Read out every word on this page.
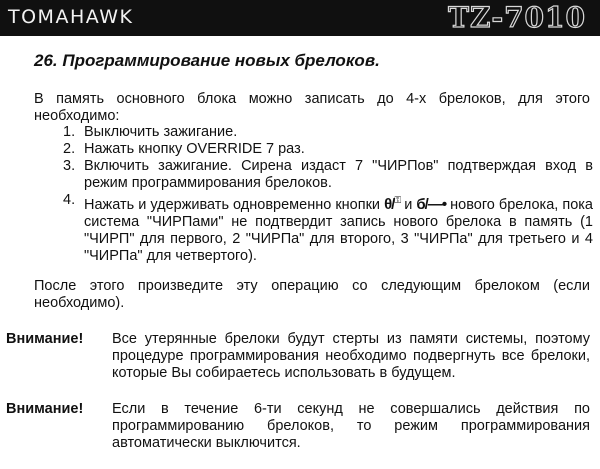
TOMAHAWK	TZ-7010
26. Программирование новых брелоков.

В память основного блока можно записать до 4-х брелоков, для этого необходимо:

1. Выключить зажигание.
2. Нажать кнопку OVERRIDE 7 раз.
3. Включить зажигание. Сирена издаст 7 "ЧИРПов" подтверждая вход в режим программирования брелоков.
4. Нажать и удерживать одновременно кнопки θ/⚿ и б/—• нового брелока, пока система "ЧИРПами" не подтвердит запись нового брелока в память (1 "ЧИРП" для первого, 2 "ЧИРПа" для второго, 3 "ЧИРПа" для третьего и 4 "ЧИРПа" для четвертого).

После этого произведите эту операцию со следующим брелоком (если необходимо).

Внимание! Все утерянные брелоки будут стерты из памяти системы, поэтому процедуре программирования необходимо подвергнуть все брелоки, которые Вы собираетесь использовать в будущем.

Внимание! Если в течение 6-ти секунд не совершались действия по программированию брелоков, то режим программирования автоматически выключится.
